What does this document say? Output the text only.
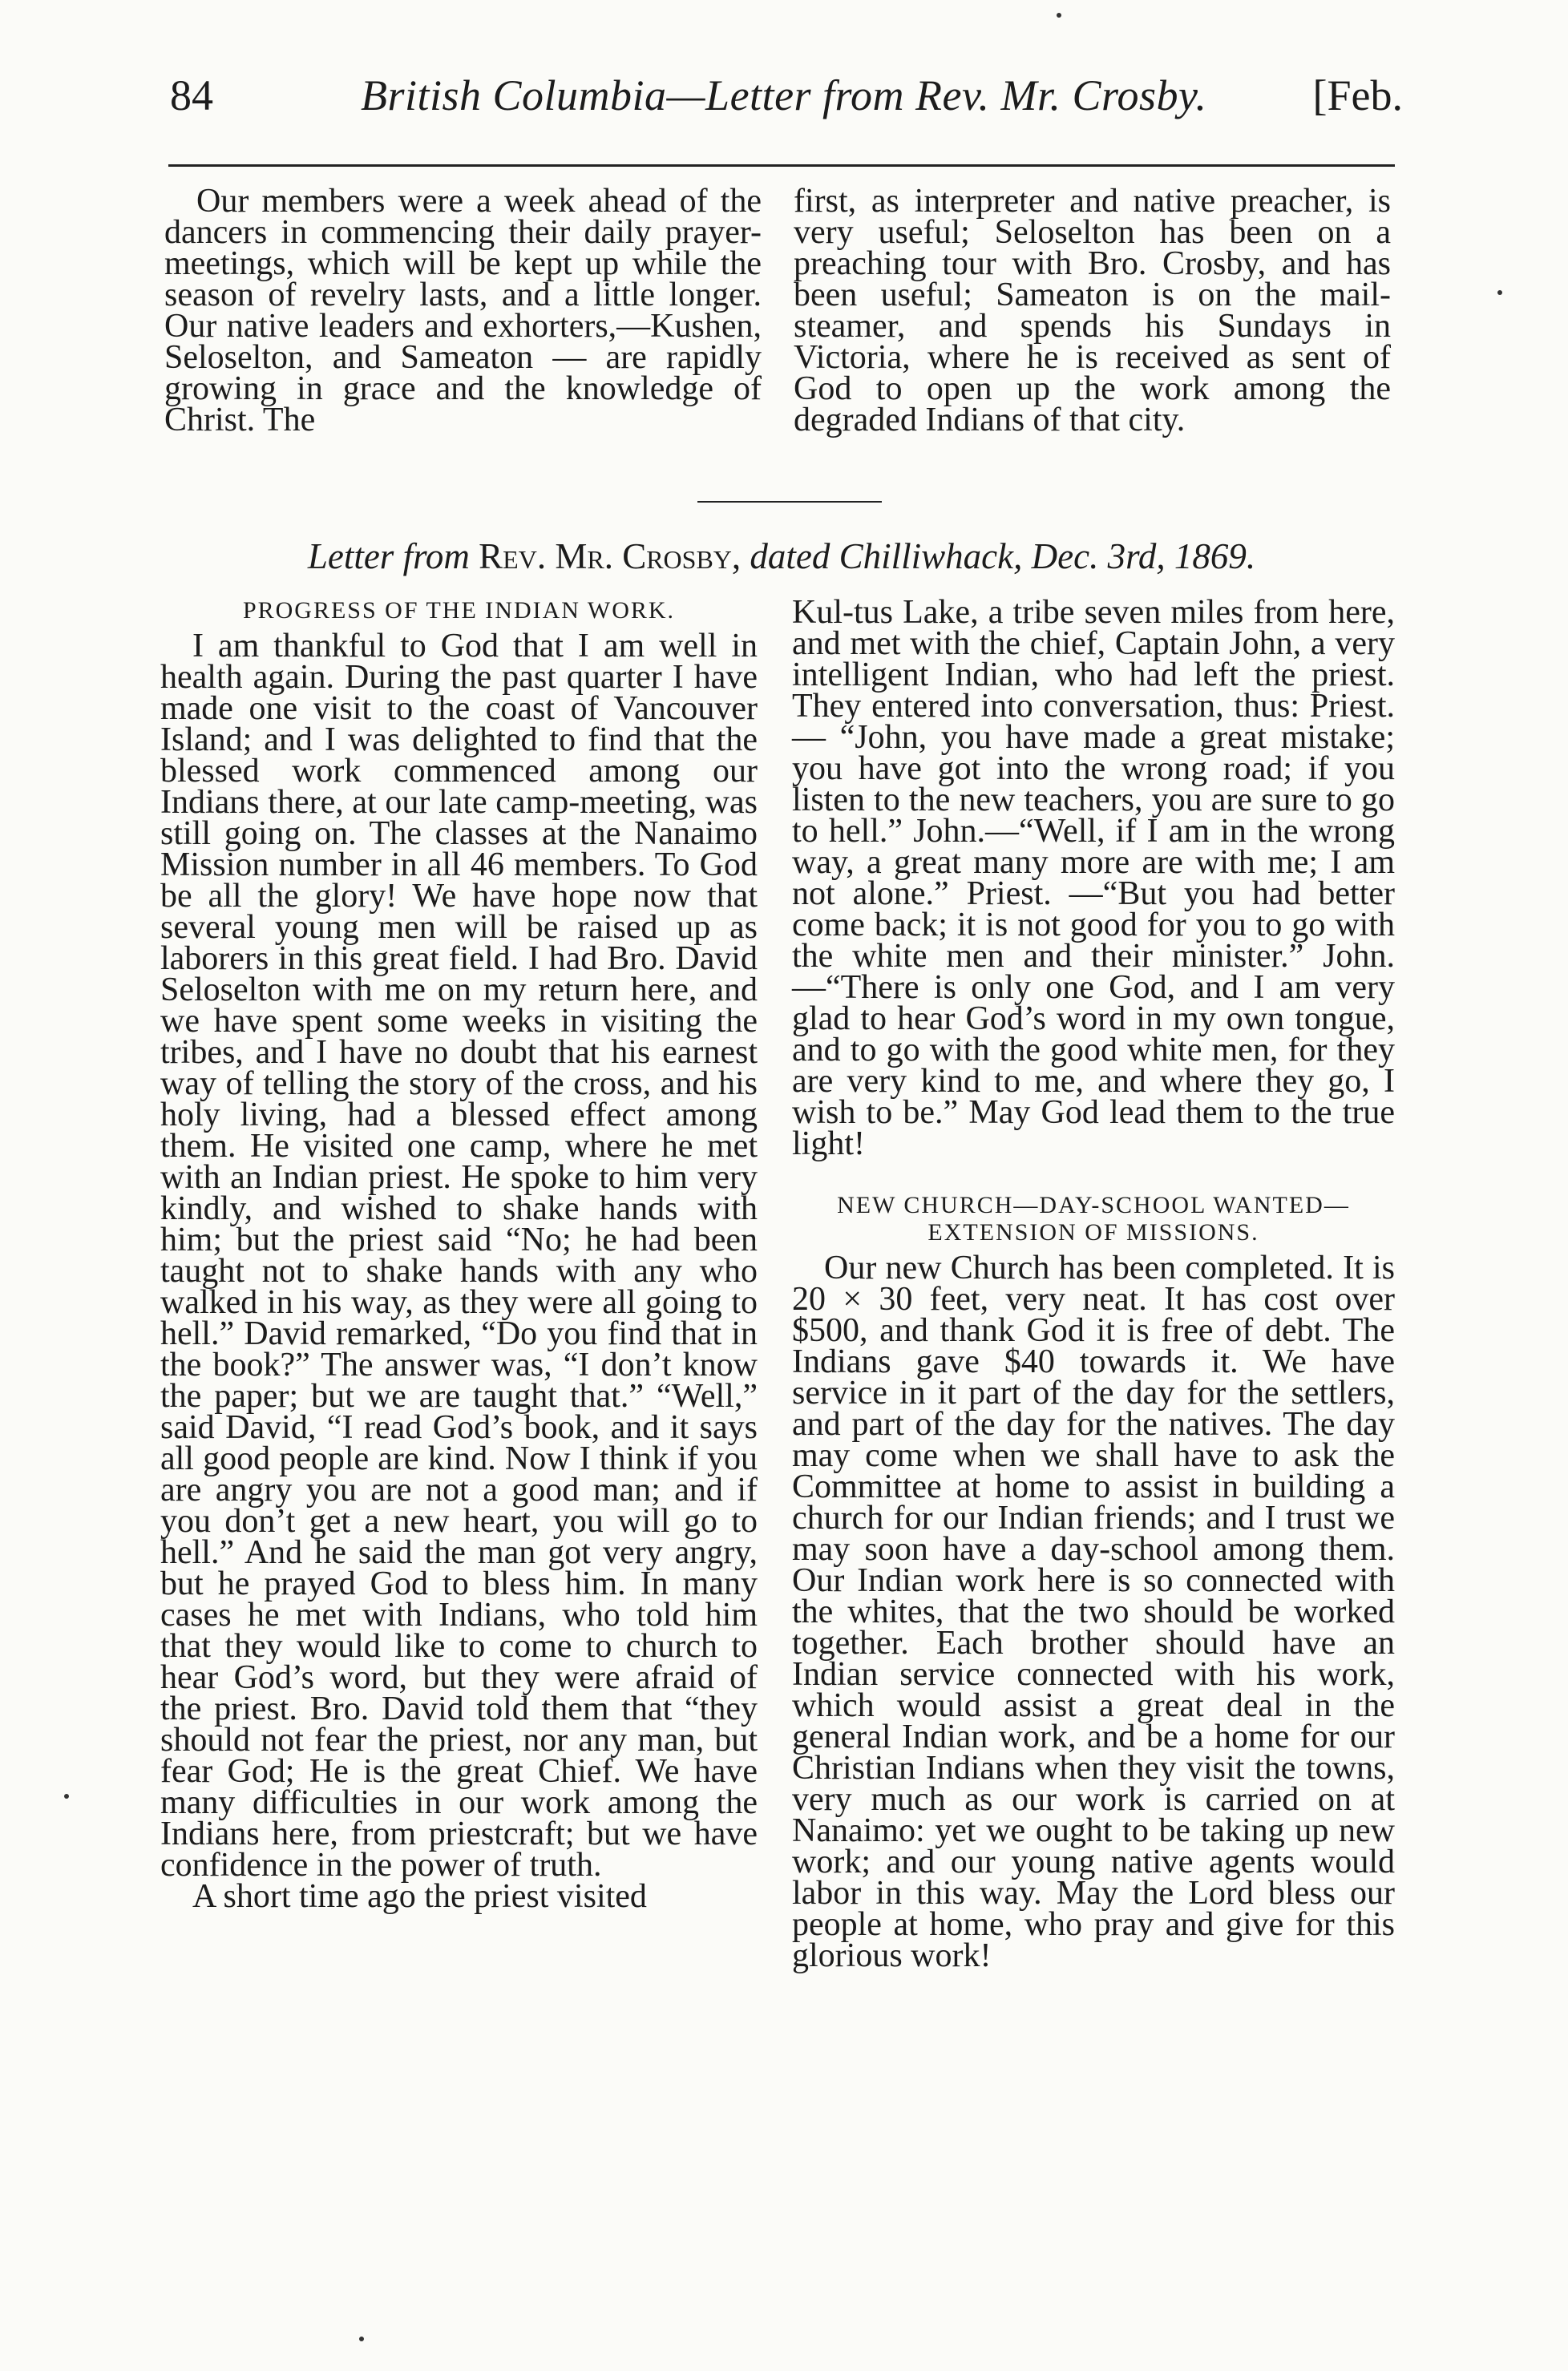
84	British Columbia—Letter from Rev. Mr. Crosby. [Feb.

Our members were a week ahead of the dancers in commencing their daily prayer-meetings, which will be kept up while the season of revelry lasts, and a little longer. Our native leaders and exhorters,—Kushen, Seloselton, and Sameaton — are rapidly growing in grace and the knowledge of Christ. The

first, as interpreter and native preacher, is very useful; Seloselton has been on a preaching tour with Bro. Crosby, and has been useful; Sameaton is on the mail-steamer, and spends his Sundays in Victoria, where he is received as sent of God to open up the work among the degraded Indians of that city.

Letter from Rev. Mr. Crosby, dated Chilliwhack, Dec. 3rd, 1869.
PROGRESS OF THE INDIAN WORK.

I am thankful to God that I am well in health again. During the past quarter I have made one visit to the coast of Vancouver Island; and I was delighted to find that the blessed work commenced among our Indians there, at our late camp-meeting, was still going on. The classes at the Nanaimo Mission number in all 46 members. To God be all the glory! We have hope now that several young men will be raised up as laborers in this great field. I had Bro. David Seloselton with me on my return here, and we have spent some weeks in visiting the tribes, and I have no doubt that his earnest way of telling the story of the cross, and his holy living, had a blessed effect among them. He visited one camp, where he met with an Indian priest. He spoke to him very kindly, and wished to shake hands with him; but the priest said “No; he had been taught not to shake hands with any who walked in his way, as they were all going to hell.” David remarked, “Do you find that in the book?” The answer was, “I don’t know the paper; but we are taught that.” “Well,” said David, “I read God’s book, and it says all good people are kind. Now I think if you are angry you are not a good man; and if you don’t get a new heart, you will go to hell.” And he said the man got very angry, but he prayed God to bless him. In many cases he met with Indians, who told him that they would like to come to church to hear God’s word, but they were afraid of the priest. Bro. David told them that “they should not fear the priest, nor any man, but fear God; He is the great Chief. We have many difficulties in our work among the Indians here, from priestcraft; but we have confidence in the power of truth.

A short time ago the priest visited

Kul-tus Lake, a tribe seven miles from here, and met with the chief, Captain John, a very intelligent Indian, who had left the priest. They entered into conversation, thus: Priest. — “John, you have made a great mistake; you have got into the wrong road; if you listen to the new teachers, you are sure to go to hell.” John.—“Well, if I am in the wrong way, a great many more are with me; I am not alone.” Priest. —“But you had better come back; it is not good for you to go with the white men and their minister.” John. —“There is only one God, and I am very glad to hear God’s word in my own tongue, and to go with the good white men, for they are very kind to me, and where they go, I wish to be.” May God lead them to the true light!

NEW CHURCH—DAY-SCHOOL WANTED—
EXTENSION OF MISSIONS.

Our new Church has been completed. It is 20 × 30 feet, very neat. It has cost over $500, and thank God it is free of debt. The Indians gave $40 towards it. We have service in it part of the day for the settlers, and part of the day for the natives. The day may come when we shall have to ask the Committee at home to assist in building a church for our Indian friends; and I trust we may soon have a day-school among them. Our Indian work here is so connected with the whites, that the two should be worked together. Each brother should have an Indian service connected with his work, which would assist a great deal in the general Indian work, and be a home for our Christian Indians when they visit the towns, very much as our work is carried on at Nanaimo: yet we ought to be taking up new work; and our young native agents would labor in this way. May the Lord bless our people at home, who pray and give for this glorious work!
